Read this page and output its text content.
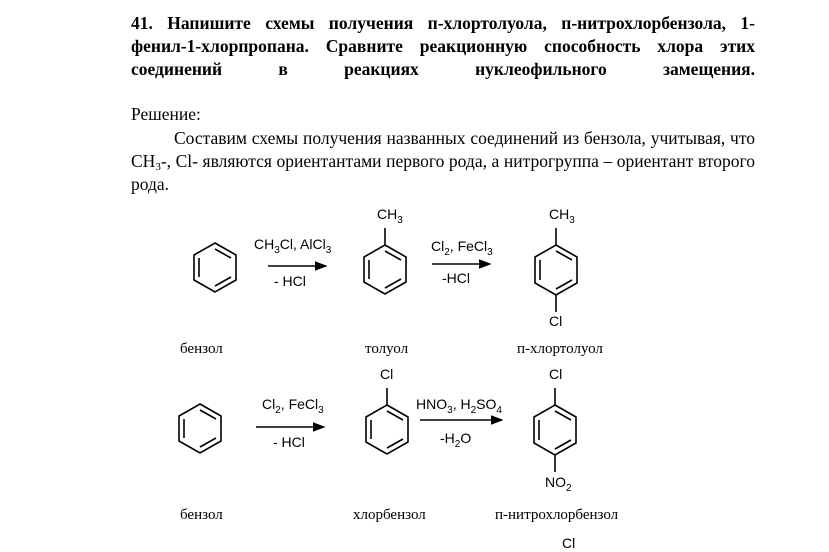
41. Напишите схемы получения п-хлортолуола, п-нитрохлорбензола, 1-фенил-1-хлорпропана. Сравните реакционную способность хлора этих соединений в реакциях нуклеофильного замещения.
Решение:
Составим схемы получения названных соединений из бензола, учитывая, что CH3-, Cl- являются ориентантами первого рода, а нитрогруппа – ориентант второго рода.
$CH_3Cl$, AlCl$_3$
- HCl
$CH_3$
$Cl_2$, FeCl$_3$
-HCl
$CH_3$
Cl
бензол	толуол	п-хлортолуол
$Cl_2$, FeCl$_3$
- HCl
Cl
$HNO_3$, $H_2SO_4$
$-H_2O$
Cl
$NO_2$
бензол	хлорбензол	п-нитрохлорбензол
Cl
